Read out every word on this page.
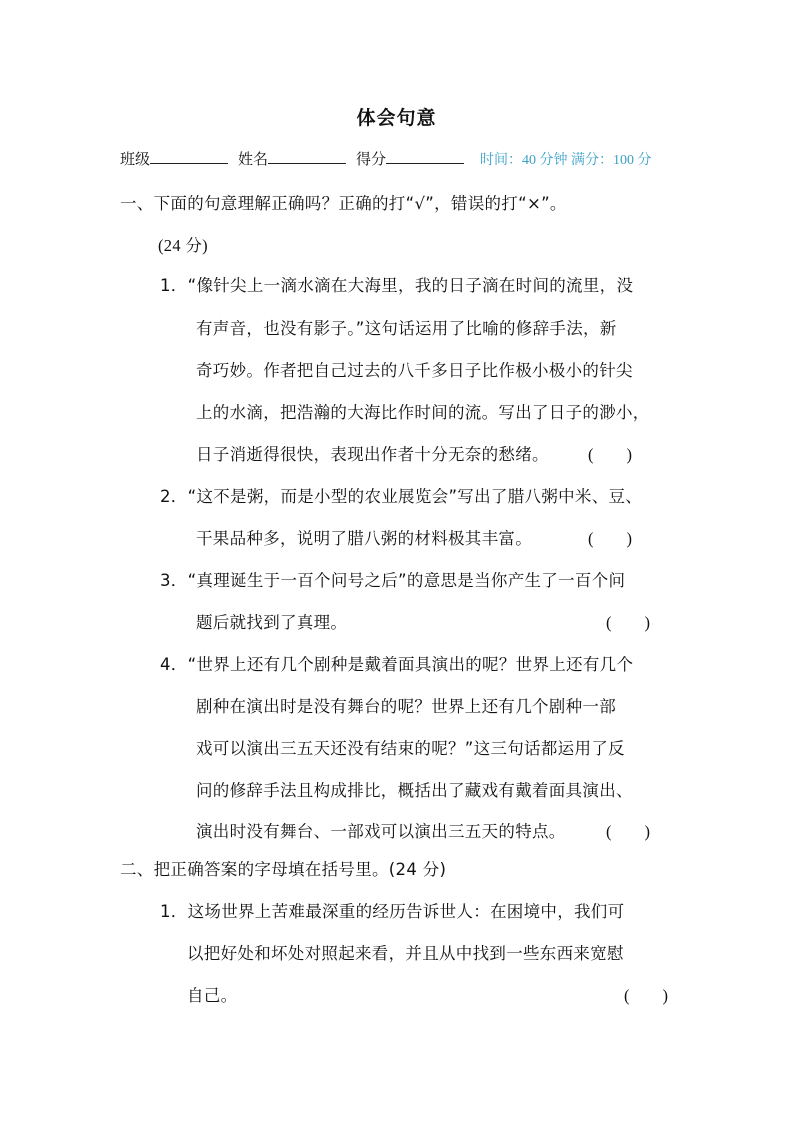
体会句意
班级	姓名	得分	时间：40 分钟 满分：100 分
一、下面的句意理解正确吗？正确的打“√”，错误的打“×”。
(24 分)
1．“像针尖上一滴水滴在大海里，我的日子滴在时间的流里，没
有声音，也没有影子。”这句话运用了比喻的修辞手法，新
奇巧妙。作者把自己过去的八千多日子比作极小极小的针尖
上的水滴，把浩瀚的大海比作时间的流。写出了日子的渺小，
日子消逝得很快，表现出作者十分无奈的愁绪。 (　　)
2．“这不是粥，而是小型的农业展览会”写出了腊八粥中米、豆、
干果品种多，说明了腊八粥的材料极其丰富。	(　　)
3．“真理诞生于一百个问号之后”的意思是当你产生了一百个问
题后就找到了真理。	(　　)
4．“世界上还有几个剧种是戴着面具演出的呢？世界上还有几个
剧种在演出时是没有舞台的呢？世界上还有几个剧种一部
戏可以演出三五天还没有结束的呢？”这三句话都运用了反
问的修辞手法且构成排比，概括出了藏戏有戴着面具演出、
演出时没有舞台、一部戏可以演出三五天的特点。 (　　)
二、把正确答案的字母填在括号里。(24 分)
1．这场世界上苦难最深重的经历告诉世人：在困境中，我们可
以把好处和坏处对照起来看，并且从中找到一些东西来宽慰
自己。	(　　)
